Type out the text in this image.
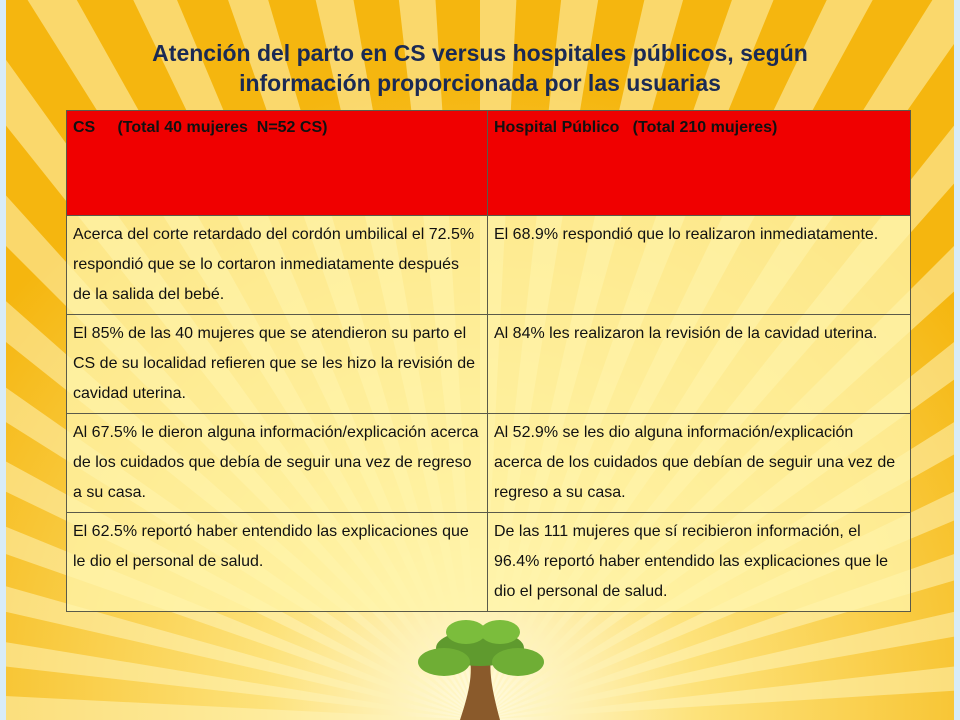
Atención del parto en CS versus hospitales públicos, según
información proporcionada por las usuarias
CS     (Total 40 mujeres  N=52 CS)	Hospital Público   (Total 210 mujeres)
Acerca del corte retardado del cordón umbilical el 72.5% respondió que se lo cortaron inmediatamente después de la salida del bebé.	El 68.9% respondió que lo realizaron inmediatamente.
El 85% de las 40 mujeres que se atendieron su parto el CS de su localidad refieren que se les hizo la revisión de cavidad uterina.	Al 84% les realizaron la revisión de la cavidad uterina.
Al 67.5% le dieron alguna información/explicación acerca de los cuidados que debía de seguir una vez de regreso a su casa.	Al 52.9% se les dio alguna información/explicación acerca de los cuidados que debían de seguir una vez de regreso a su casa.
El 62.5% reportó haber entendido las explicaciones que le dio el personal de salud.	De las 111 mujeres que sí recibieron información, el 96.4% reportó haber entendido las explicaciones que le dio el personal de salud.
